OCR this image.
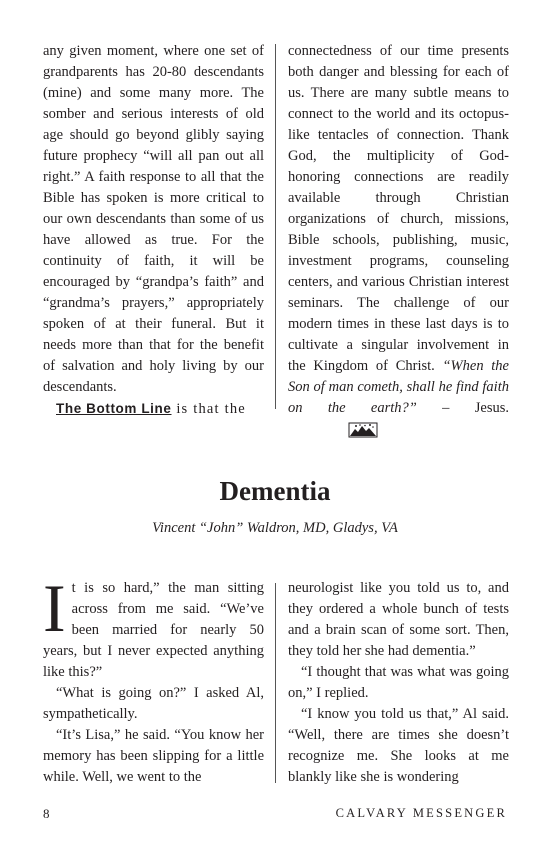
any given moment, where one set of grandparents has 20-80 descendants (mine) and some many more. The somber and serious interests of old age should go beyond glibly saying future prophecy “will all pan out all right.” A faith response to all that the Bible has spoken is more critical to our own descendants than some of us have allowed as true. For the continuity of faith, it will be encouraged by “grandpa’s faith” and “grandma’s prayers,” appropriately spoken of at their funeral. But it needs more than that for the benefit of salvation and holy living by our descendants.

The Bottom Line is that the

connectedness of our time presents both danger and blessing for each of us. There are many subtle means to connect to the world and its octopus-like tentacles of connection. Thank God, the multiplicity of God-honoring connections are readily available through Christian organizations of church, missions, Bible schools, publishing, music, investment programs, counseling centers, and various Christian interest seminars. The challenge of our modern times in these last days is to cultivate a singular involvement in the Kingdom of Christ. “When the Son of man cometh, shall he find faith on the earth?” – Jesus.

Dementia
Vincent “John” Waldron, MD, Gladys, VA

It is so hard,” the man sitting across from me said. “We’ve been married for nearly 50 years, but I never expected anything like this?”

“What is going on?” I asked Al, sympathetically.

“It’s Lisa,” he said. “You know her memory has been slipping for a little while. Well, we went to the

neurologist like you told us to, and they ordered a whole bunch of tests and a brain scan of some sort. Then, they told her she had dementia.”

“I thought that was what was going on,” I replied.

“I know you told us that,” Al said. “Well, there are times she doesn’t recognize me. She looks at me blankly like she is wondering

8	CALVARY MESSENGER
